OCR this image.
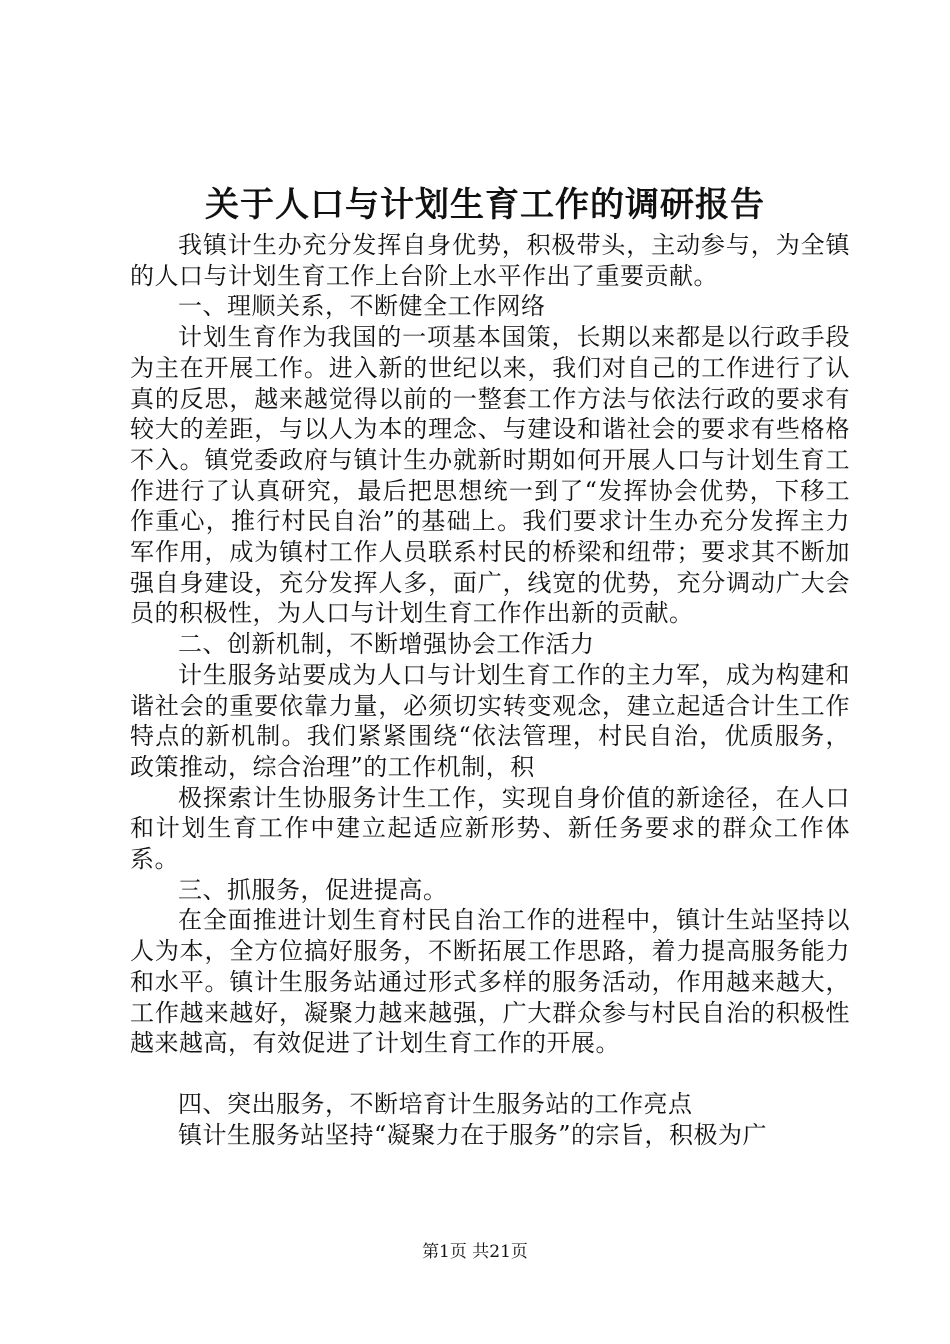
关于人口与计划生育工作的调研报告

我镇计生办充分发挥自身优势，积极带头，主动参与，为全镇的人口与计划生育工作上台阶上水平作出了重要贡献。

一、理顺关系，不断健全工作网络

计划生育作为我国的一项基本国策，长期以来都是以行政手段为主在开展工作。进入新的世纪以来，我们对自己的工作进行了认真的反思，越来越觉得以前的一整套工作方法与依法行政的要求有较大的差距，与以人为本的理念、与建设和谐社会的要求有些格格不入。镇党委政府与镇计生办就新时期如何开展人口与计划生育工作进行了认真研究，最后把思想统一到了“发挥协会优势，下移工作重心，推行村民自治”的基础上。我们要求计生办充分发挥主力军作用，成为镇村工作人员联系村民的桥梁和纽带；要求其不断加强自身建设，充分发挥人多，面广，线宽的优势，充分调动广大会员的积极性，为人口与计划生育工作作出新的贡献。

二、创新机制，不断增强协会工作活力

计生服务站要成为人口与计划生育工作的主力军，成为构建和谐社会的重要依靠力量，必须切实转变观念，建立起适合计生工作特点的新机制。我们紧紧围绕“依法管理，村民自治，优质服务，政策推动，综合治理”的工作机制，积

极探索计生协服务计生工作，实现自身价值的新途径，在人口和计划生育工作中建立起适应新形势、新任务要求的群众工作体系。

三、抓服务，促进提高。

在全面推进计划生育村民自治工作的进程中，镇计生站坚持以人为本，全方位搞好服务，不断拓展工作思路，着力提高服务能力和水平。镇计生服务站通过形式多样的服务活动，作用越来越大，工作越来越好，凝聚力越来越强，广大群众参与村民自治的积极性越来越高，有效促进了计划生育工作的开展。

四、突出服务，不断培育计生服务站的工作亮点

镇计生服务站坚持“凝聚力在于服务”的宗旨，积极为广

第1页 共21页
